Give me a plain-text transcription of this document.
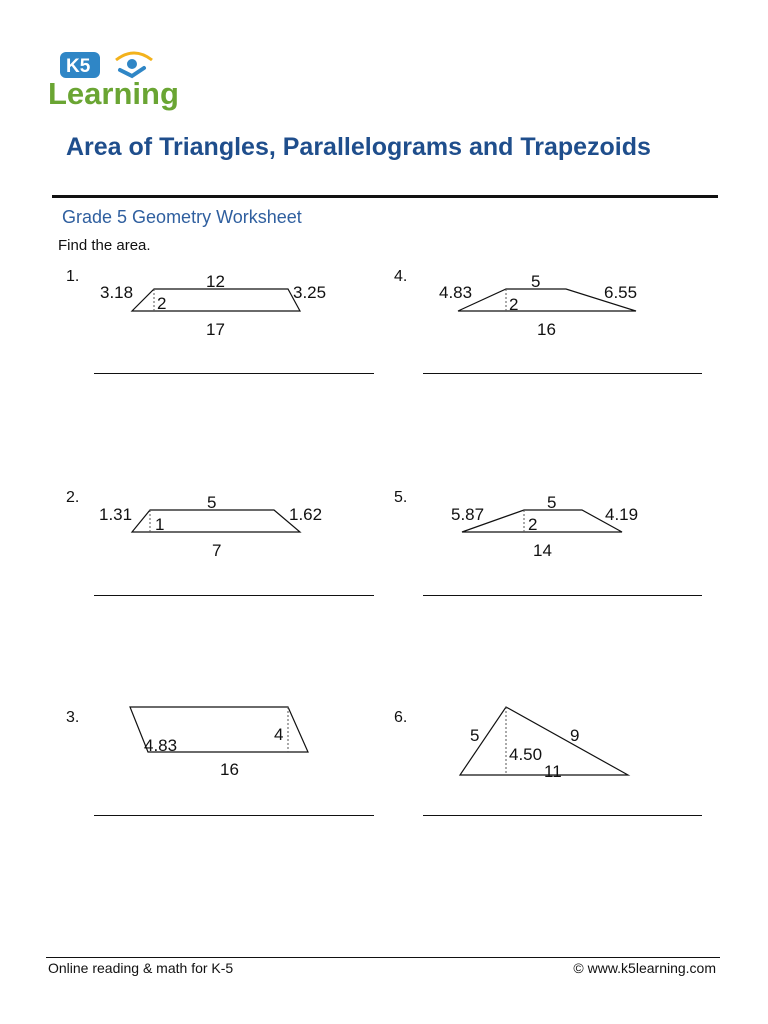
K5
Learning
Area of Triangles, Parallelograms and Trapezoids
Grade 5 Geometry Worksheet
Find the area.
1.	12
3.18
2
3.25
17
4.	5
4.83
2
6.55
16
2.	5
1.31
1
1.62
7
5.	5
5.87
2
4.19
14
3.
4.83
4
16
6.
5	9
4.50
11
Online reading & math for K-5	© www.k5learning.com
